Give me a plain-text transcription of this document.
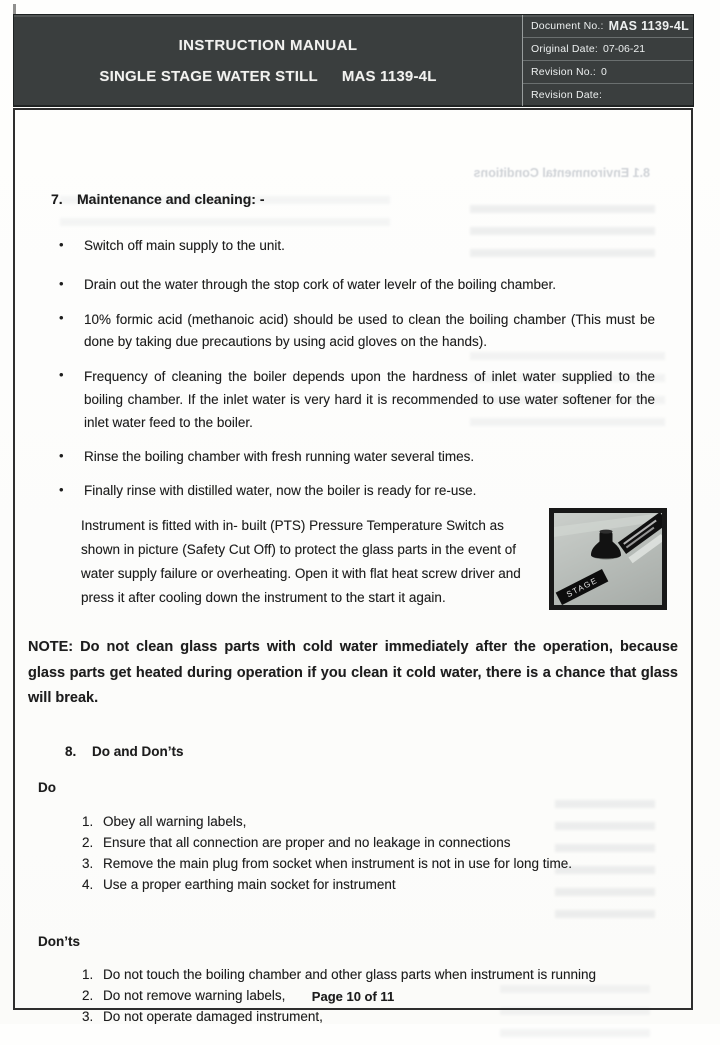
8.1 Environmental Conditions
INSTRUCTION MANUAL
SINGLE STAGE WATER STILL MAS 1139-4L
Document No.: MAS 1139-4L
Original Date: 07-06-21
Revision No.: 0
Revision Date:
7.	Maintenance and cleaning: -
•	Switch off main supply to the unit.
•	Drain out the water through the stop cork of water levelr of the boiling chamber.
•	10% formic acid (methanoic acid) should be used to clean the boiling chamber (This must be done by taking due precautions by using acid gloves on the hands).
•	Frequency of cleaning the boiler depends upon the hardness of inlet water supplied to the boiling chamber. If the inlet water is very hard it is recommended to use water softener for the inlet water feed to the boiler.
•	Rinse the boiling chamber with fresh running water several times.
•	Finally rinse with distilled water, now the boiler is ready for re-use.
Instrument is fitted with in- built (PTS) Pressure Temperature Switch as shown in picture (Safety Cut Off) to protect the glass parts in the event of water supply failure or overheating. Open it with flat heat screw driver and press it after cooling down the instrument to the start it again.	STAGE
NOTE: Do not clean glass parts with cold water immediately after the operation, because glass parts get heated during operation if you clean it cold water, there is a chance that glass will break.
8.	Do and Don’ts
Do
1. Obey all warning labels,
2. Ensure that all connection are proper and no leakage in connections
3. Remove the main plug from socket when instrument is not in use for long time.
4. Use a proper earthing main socket for instrument
Don’ts
1. Do not touch the boiling chamber and other glass parts when instrument is running
2. Do not remove warning labels,
3. Do not operate damaged instrument,
Page 10 of 11
